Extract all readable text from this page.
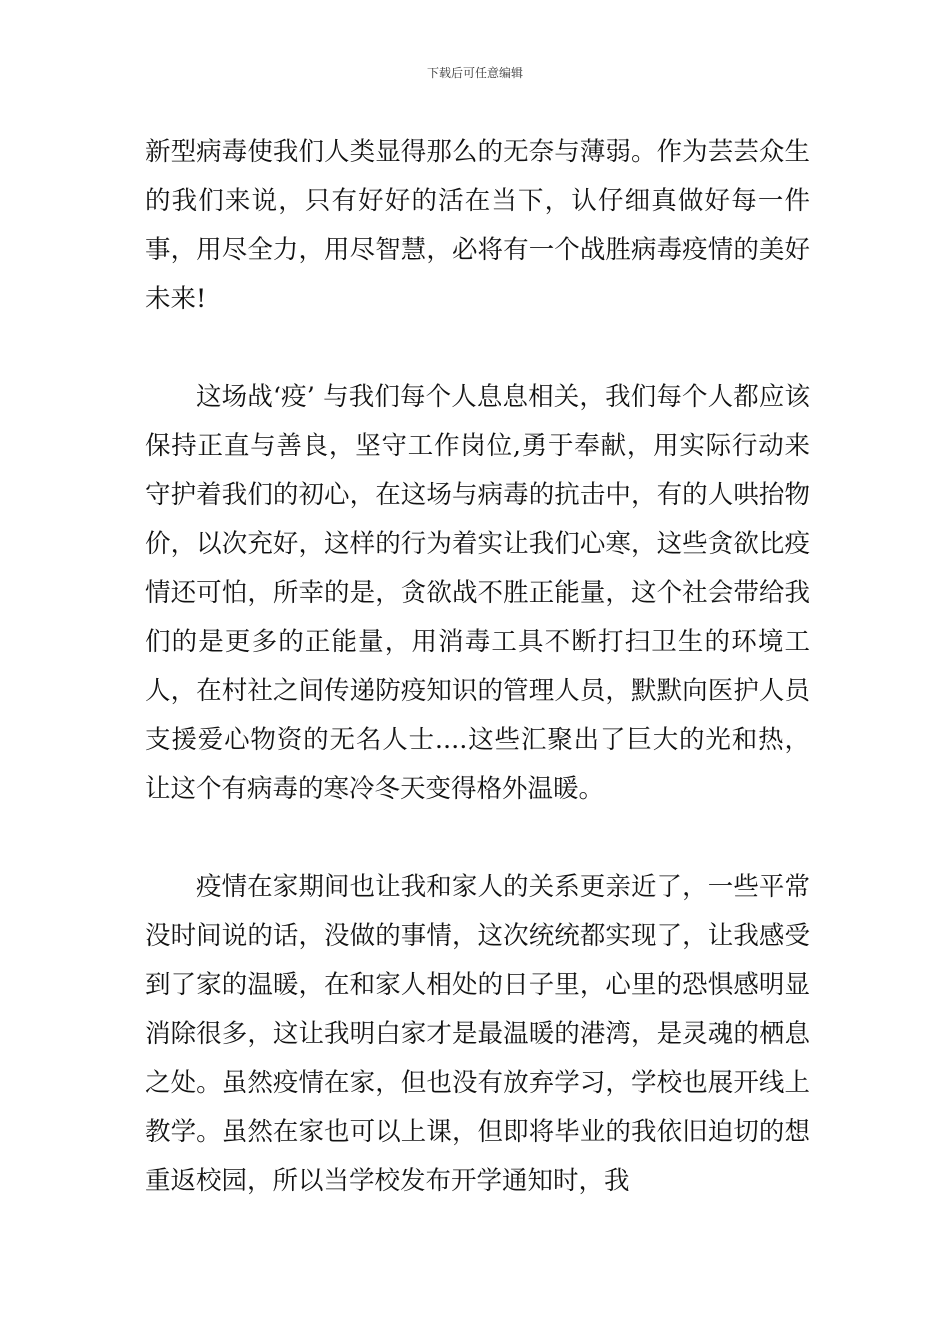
下载后可任意编辑

新型病毒使我们人类显得那么的无奈与薄弱。作为芸芸众生的我们来说，只有好好的活在当下，认仔细真做好每一件事，用尽全力，用尽智慧，必将有一个战胜病毒疫情的美好未来!

这场战‘疫’ 与我们每个人息息相关，我们每个人都应该保持正直与善良，坚守工作岗位,勇于奉献，用实际行动来守护着我们的初心，在这场与病毒的抗击中，有的人哄抬物价，以次充好，这样的行为着实让我们心寒，这些贪欲比疫情还可怕，所幸的是，贪欲战不胜正能量，这个社会带给我们的是更多的正能量，用消毒工具不断打扫卫生的环境工人，在村社之间传递防疫知识的管理人员，默默向医护人员支援爱心物资的无名人士....这些汇聚出了巨大的光和热，让这个有病毒的寒冷冬天变得格外温暖。

疫情在家期间也让我和家人的关系更亲近了，一些平常没时间说的话，没做的事情，这次统统都实现了，让我感受到了家的温暖，在和家人相处的日子里，心里的恐惧感明显消除很多，这让我明白家才是最温暖的港湾，是灵魂的栖息之处。虽然疫情在家，但也没有放弃学习，学校也展开线上教学。虽然在家也可以上课，但即将毕业的我依旧迫切的想重返校园，所以当学校发布开学通知时，我
